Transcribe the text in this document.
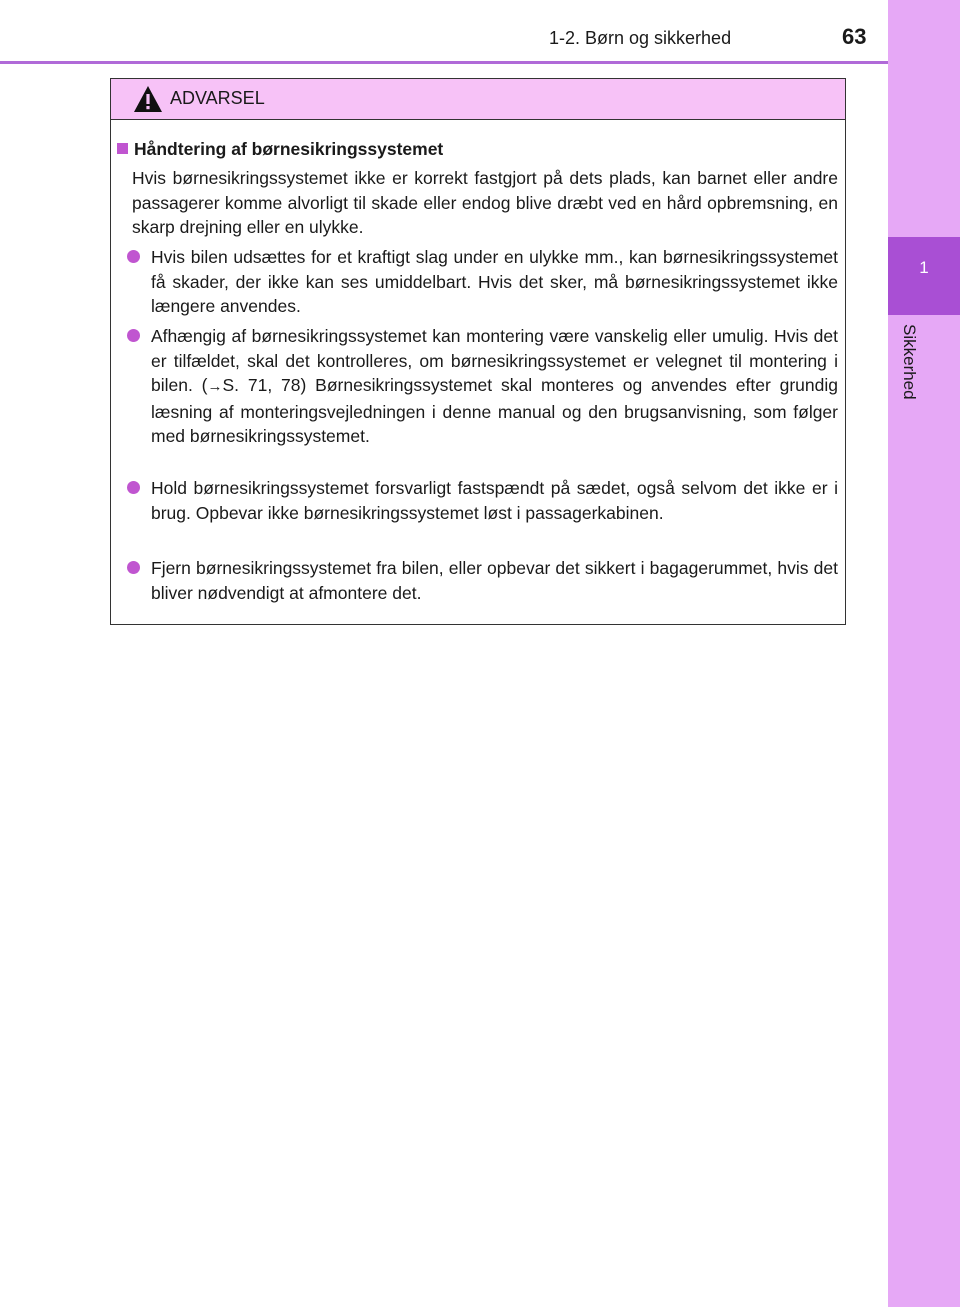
1
Sikkerhed
1-2. Børn og sikkerhed	63
ADVARSEL
Håndtering af børnesikringssystemet
Hvis børnesikringssystemet ikke er korrekt fastgjort på dets plads, kan barnet eller andre passagerer komme alvorligt til skade eller endog blive dræbt ved en hård opbremsning, en skarp drejning eller en ulykke.
Hvis bilen udsættes for et kraftigt slag under en ulykke mm., kan børnesikringssystemet få skader, der ikke kan ses umiddelbart. Hvis det sker, må børnesikringssystemet ikke længere anvendes.
Afhængig af børnesikringssystemet kan montering være vanskelig eller umulig. Hvis det er tilfældet, skal det kontrolleres, om børnesikringssystemet er velegnet til montering i bilen. (→S. 71, 78) Børnesikringssystemet skal monteres og anvendes efter grundig læsning af monteringsvejledningen i denne manual og den brugsanvisning, som følger med børnesikringssystemet.
Hold børnesikringssystemet forsvarligt fastspændt på sædet, også selvom det ikke er i brug. Opbevar ikke børnesikringssystemet løst i passagerkabinen.
Fjern børnesikringssystemet fra bilen, eller opbevar det sikkert i bagagerummet, hvis det bliver nødvendigt at afmontere det.
